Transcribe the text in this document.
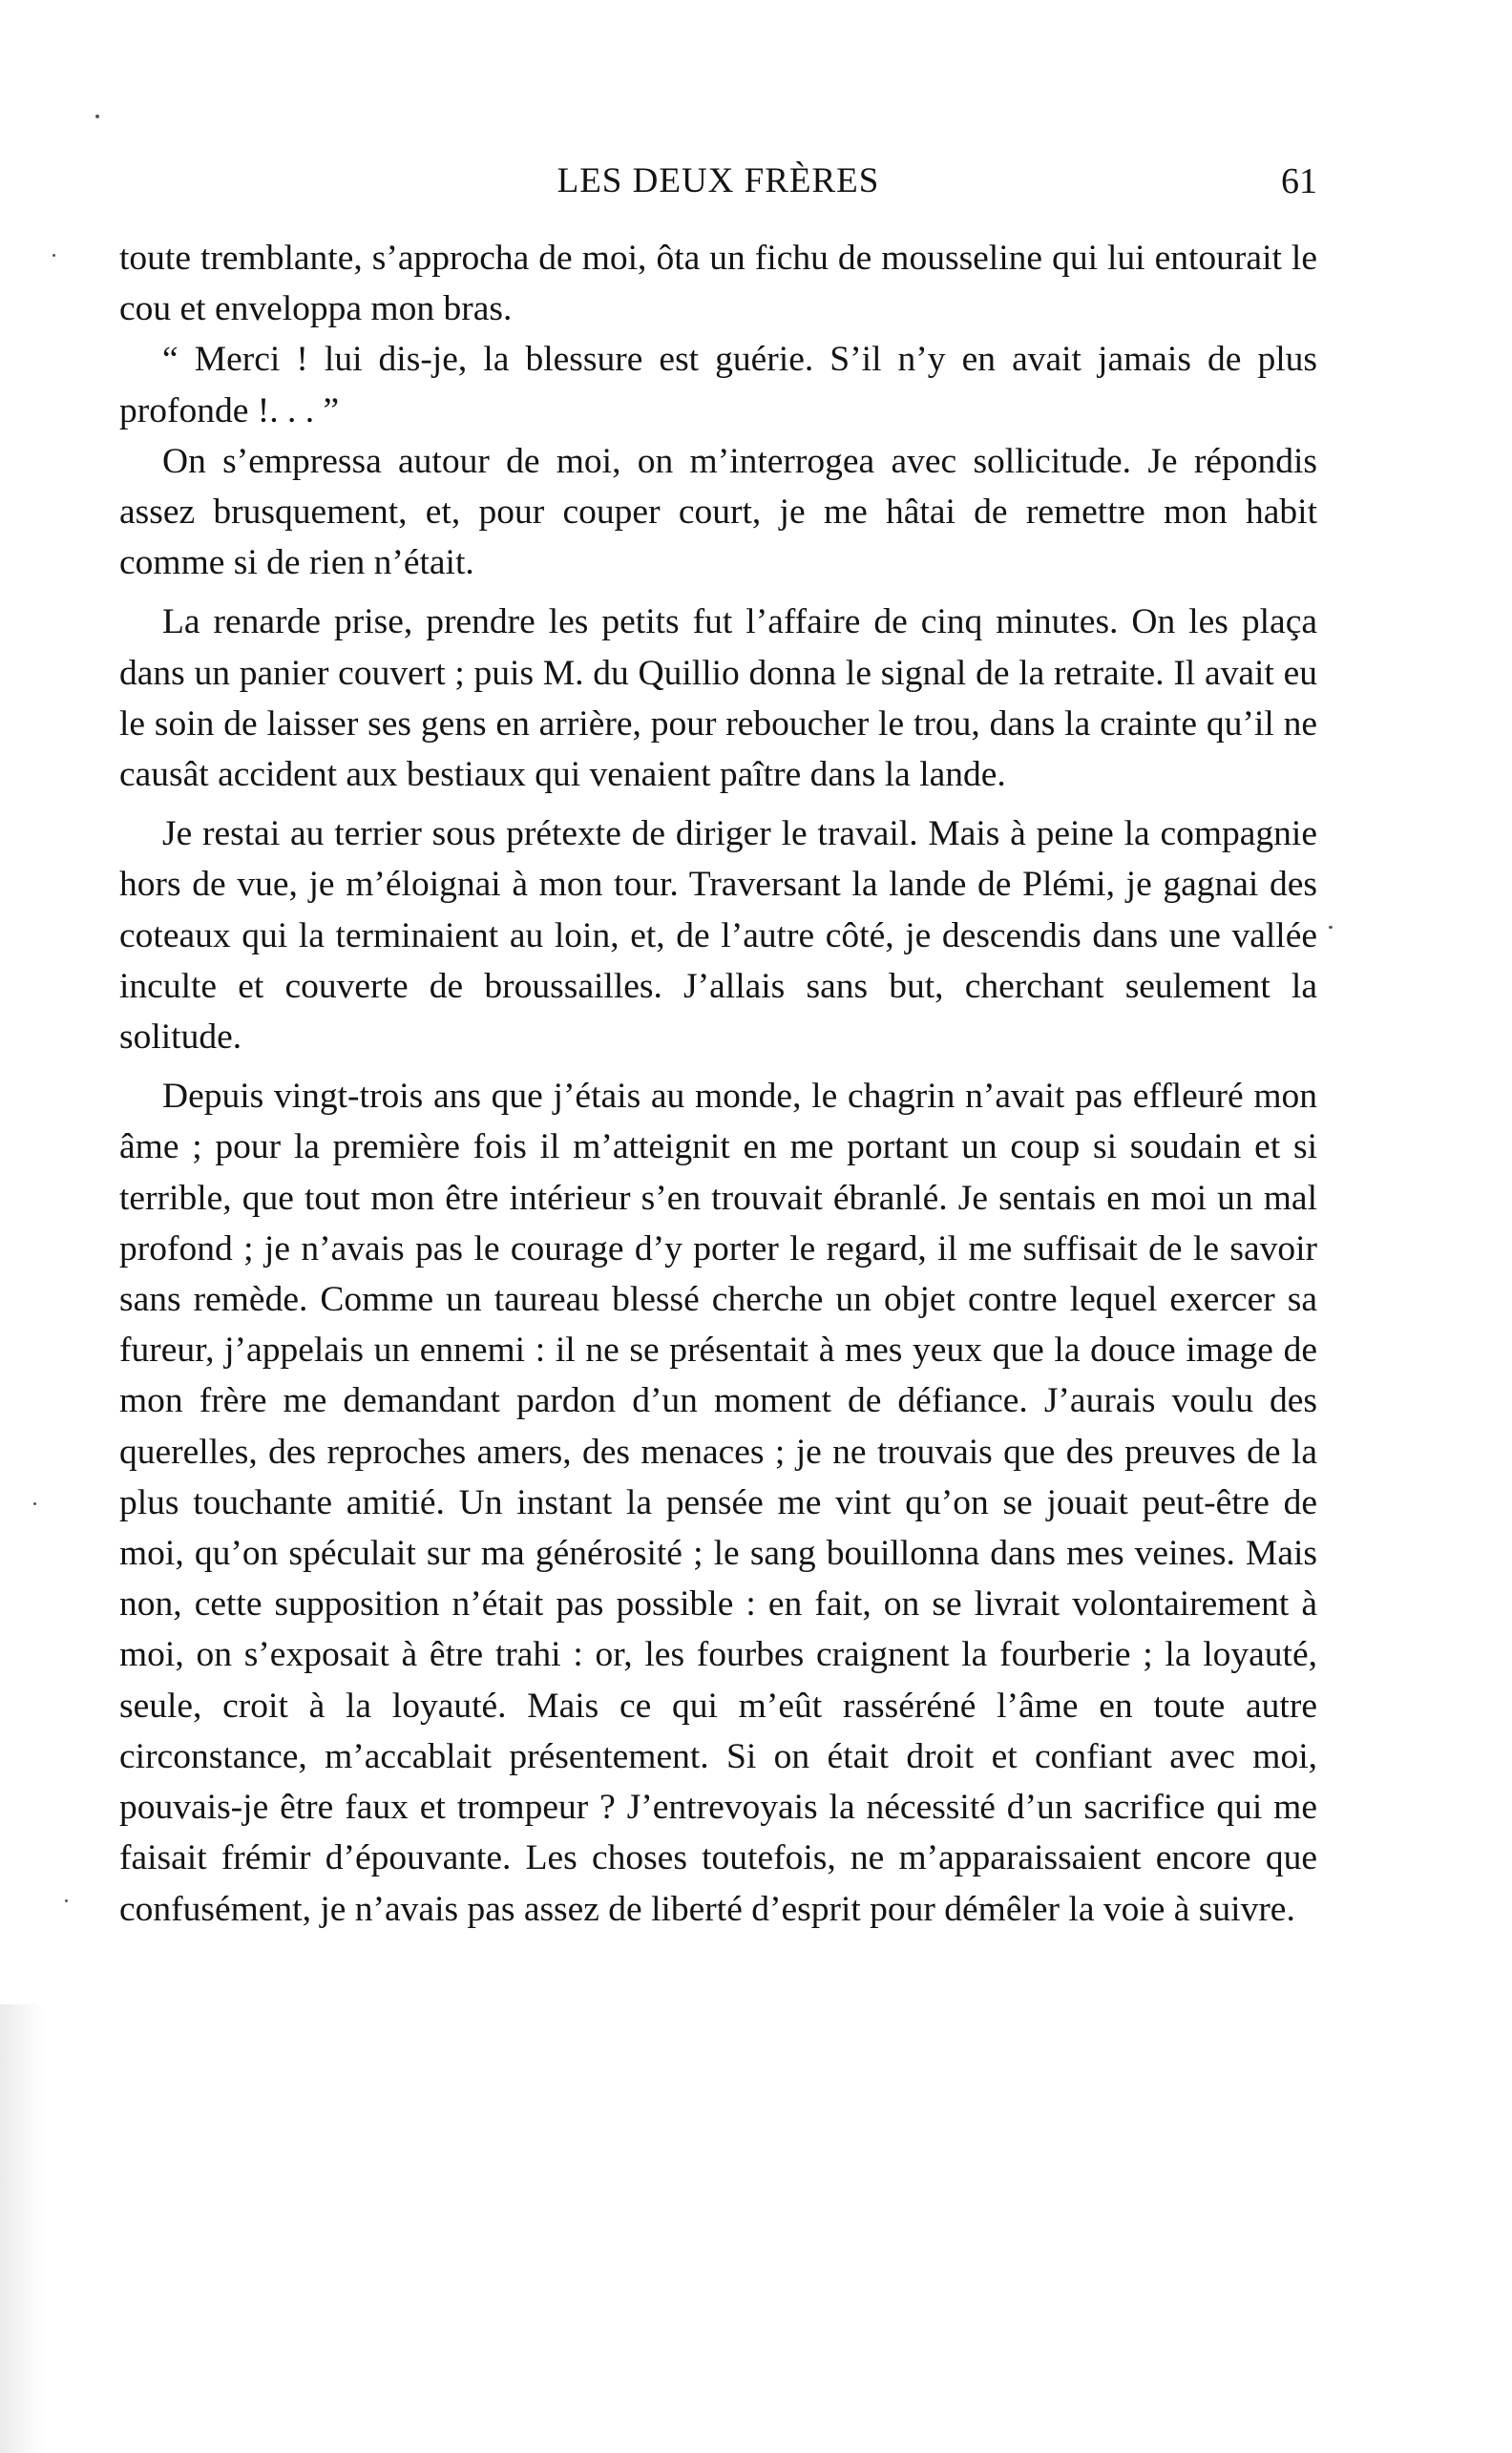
LES DEUX FRÈRES	61

toute tremblante, s’approcha de moi, ôta un fichu de mousseline qui lui entourait le cou et enveloppa mon bras.

“ Merci ! lui dis-je, la blessure est guérie. S’il n’y en avait jamais de plus profonde !. . . ”

On s’empressa autour de moi, on m’interrogea avec sollicitude. Je répondis assez brusquement, et, pour couper court, je me hâtai de remettre mon habit comme si de rien n’était.

La renarde prise, prendre les petits fut l’affaire de cinq minutes. On les plaça dans un panier couvert ; puis M. du Quillio donna le signal de la retraite. Il avait eu le soin de laisser ses gens en arrière, pour reboucher le trou, dans la crainte qu’il ne causât accident aux bestiaux qui venaient paître dans la lande.

Je restai au terrier sous prétexte de diriger le travail. Mais à peine la compagnie hors de vue, je m’éloignai à mon tour. Traversant la lande de Plémi, je gagnai des coteaux qui la terminaient au loin, et, de l’autre côté, je descendis dans une vallée inculte et couverte de broussailles. J’allais sans but, cherchant seulement la solitude.

Depuis vingt-trois ans que j’étais au monde, le chagrin n’avait pas effleuré mon âme ; pour la première fois il m’atteignit en me portant un coup si soudain et si terrible, que tout mon être intérieur s’en trouvait ébranlé. Je sentais en moi un mal profond ; je n’avais pas le courage d’y porter le regard, il me suffisait de le savoir sans remède. Comme un taureau blessé cherche un objet contre lequel exercer sa fureur, j’appelais un ennemi : il ne se présentait à mes yeux que la douce image de mon frère me demandant pardon d’un moment de défiance. J’aurais voulu des querelles, des reproches amers, des menaces ; je ne trouvais que des preuves de la plus touchante amitié. Un instant la pensée me vint qu’on se jouait peut-être de moi, qu’on spéculait sur ma générosité ; le sang bouillonna dans mes veines. Mais non, cette supposition n’était pas possible : en fait, on se livrait volontairement à moi, on s’exposait à être trahi : or, les fourbes craignent la fourberie ; la loyauté, seule, croit à la loyauté. Mais ce qui m’eût rasséréné l’âme en toute autre circonstance, m’accablait présentement. Si on était droit et confiant avec moi, pouvais-je être faux et trompeur ? J’entrevoyais la nécessité d’un sacrifice qui me faisait frémir d’épouvante. Les choses toutefois, ne m’apparaissaient encore que confusément, je n’avais pas assez de liberté d’esprit pour démêler la voie à suivre.
